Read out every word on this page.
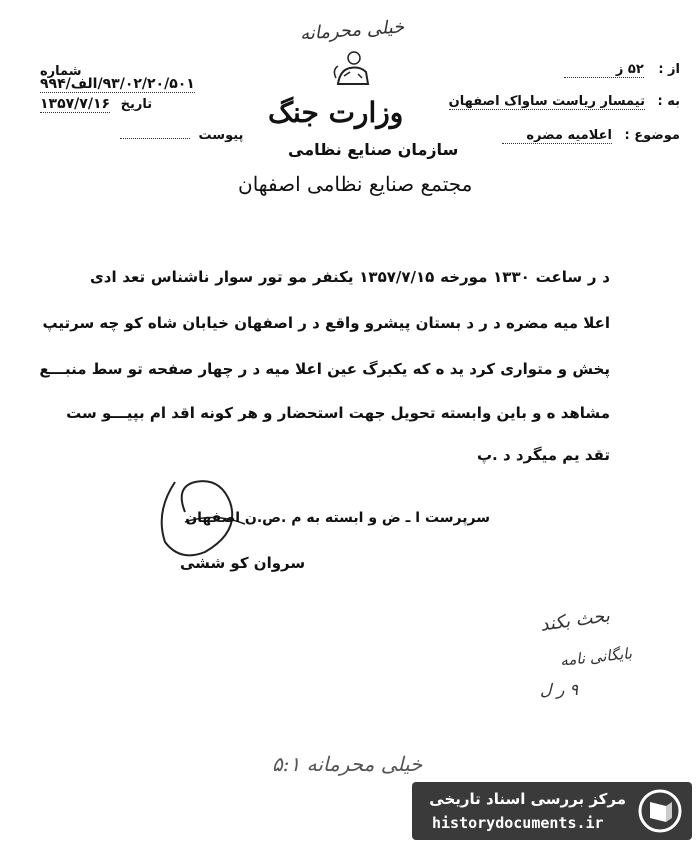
خیلی محرمانه
شماره
۹۳/۰۲/۲۰/۵۰۱/الف/۹۹۴
تاریخ ۱۳۵۷/۷/۱۶
پیوست
وزارت جنگ
سازمان صنایع نظامی
مجتمع صنایع نظامی اصفهان
از : ۵۲ ز
به : تیمسار ریاست ساواک اصفهان
موضوع : اعلامیه مضره
د ر ساعت ۱۳۳۰ مورخه ۱۳۵۷/۷/۱۵ یکنفر مو تور سوار ناشناس تعد ادی
اعلا میه مضره د ر د بستان پیشرو واقع د ر اصفهان خیابان شاه کو چه سرتیپ
پخش و متواری کرد ید ه که یکبرگ عین اعلا میه د ر چهار صفحه تو سط منبـــع
مشاهد ه و باین وابسته تحویل جهت استحضار و هر کونه اقد ام بپیـــو ست
تقد یم میگرد د .پ
سرپرست ا ـ ض و ابسته به م .ص.ن اصفهان
سروان کو ششی
بحث بکند
بایگانی نامه
۹ ر ل
خیلی محرمانه ۵:۱
مرکز بررسی اسناد تاریخی
historydocuments.ir
